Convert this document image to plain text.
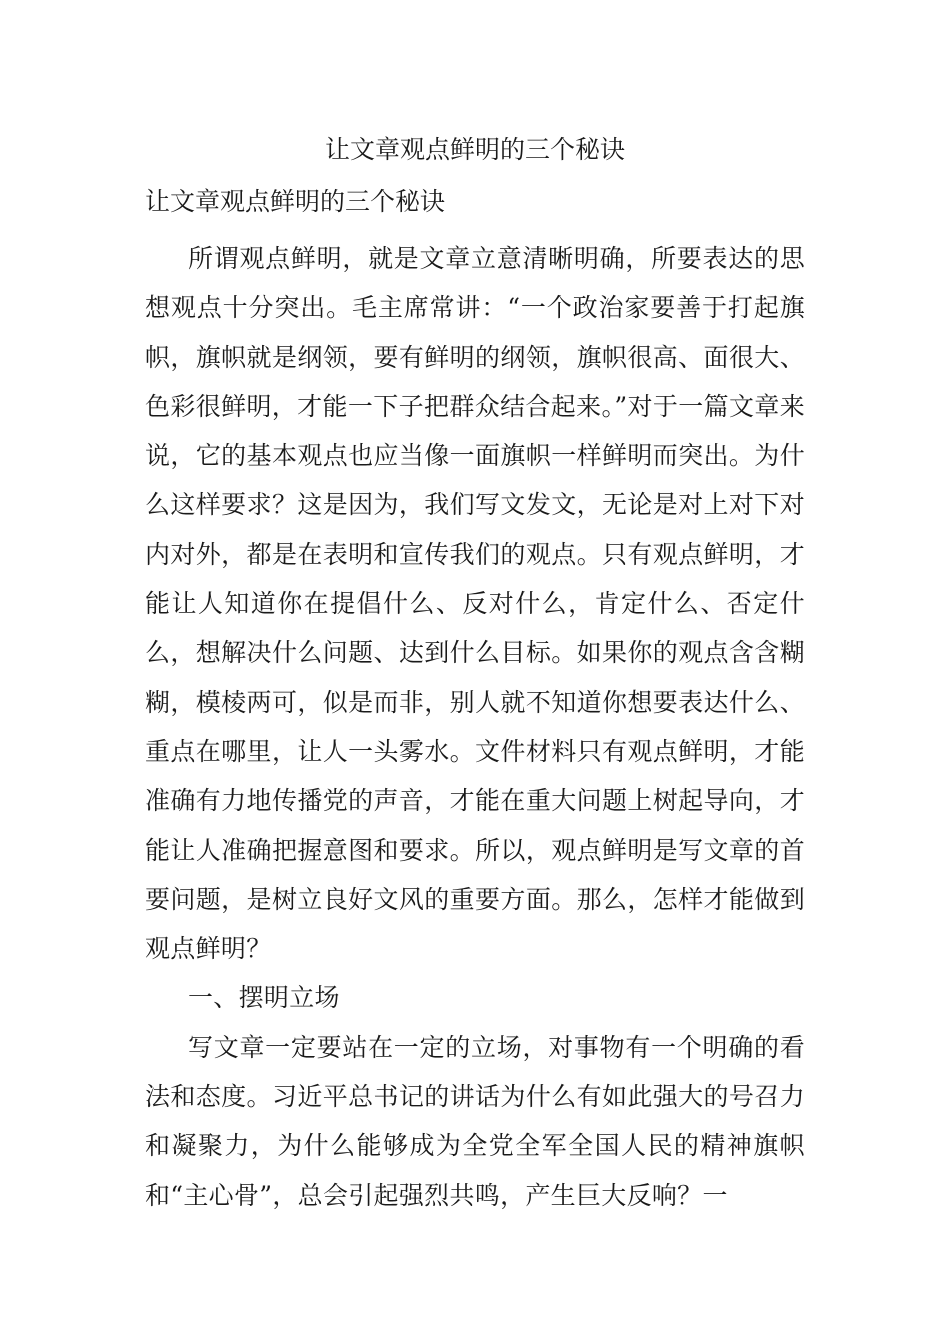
让文章观点鲜明的三个秘诀
让文章观点鲜明的三个秘诀

所谓观点鲜明，就是文章立意清晰明确，所要表达的思想观点十分突出。毛主席常讲：“一个政治家要善于打起旗帜，旗帜就是纲领，要有鲜明的纲领，旗帜很高、面很大、色彩很鲜明，才能一下子把群众结合起来。”对于一篇文章来说，它的基本观点也应当像一面旗帜一样鲜明而突出。为什么这样要求？这是因为，我们写文发文，无论是对上对下对内对外，都是在表明和宣传我们的观点。只有观点鲜明，才能让人知道你在提倡什么、反对什么，肯定什么、否定什么，想解决什么问题、达到什么目标。如果你的观点含含糊糊，模棱两可，似是而非，别人就不知道你想要表达什么、重点在哪里，让人一头雾水。文件材料只有观点鲜明，才能准确有力地传播党的声音，才能在重大问题上树起导向，才能让人准确把握意图和要求。所以，观点鲜明是写文章的首要问题，是树立良好文风的重要方面。那么，怎样才能做到观点鲜明？

一、摆明立场

写文章一定要站在一定的立场，对事物有一个明确的看法和态度。习近平总书记的讲话为什么有如此强大的号召力和凝聚力，为什么能够成为全党全军全国人民的精神旗帜和“主心骨”，总会引起强烈共鸣，产生巨大反响？一
